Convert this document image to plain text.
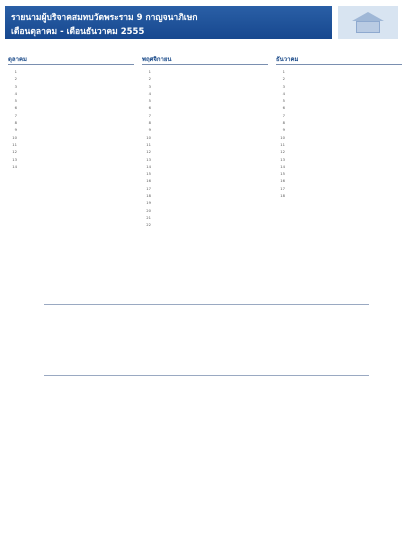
รายนามผู้บริจาคสมทบวัดพระราม 9 กาญจนาภิเษก
เดือนตุลาคม - เดือนธันวาคม 2555
ตุลาคม
1
2
3
4
5
6
7
8
9
10
11
12
13
14
พฤศจิกายน
1
2
3
4
5
6
7
8
9
10
11
12
13
14
15
16
17
18
19
20
21
22
ธันวาคม
1
2
3
4
5
6
7
8
9
10
11
12
13
14
15
16
17
18
